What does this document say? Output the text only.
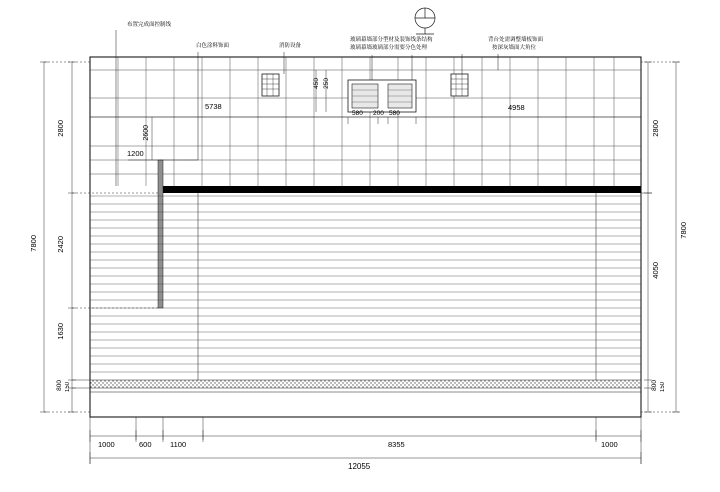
布置完成面控制线
白色涂料饰面	消防设备
玻璃幕墙部分型材及装饰线条结构
玻璃幕墙玻璃部分需要分色处理
背台处需调整墙板饰面
按深灰墙面大角位
5738	4958
1200
2600
450 250
580 200 580
2800
2420
1630
800 150
7800
2800
7800
4050
800 150
1000	600 1100	8355	1000
12055
